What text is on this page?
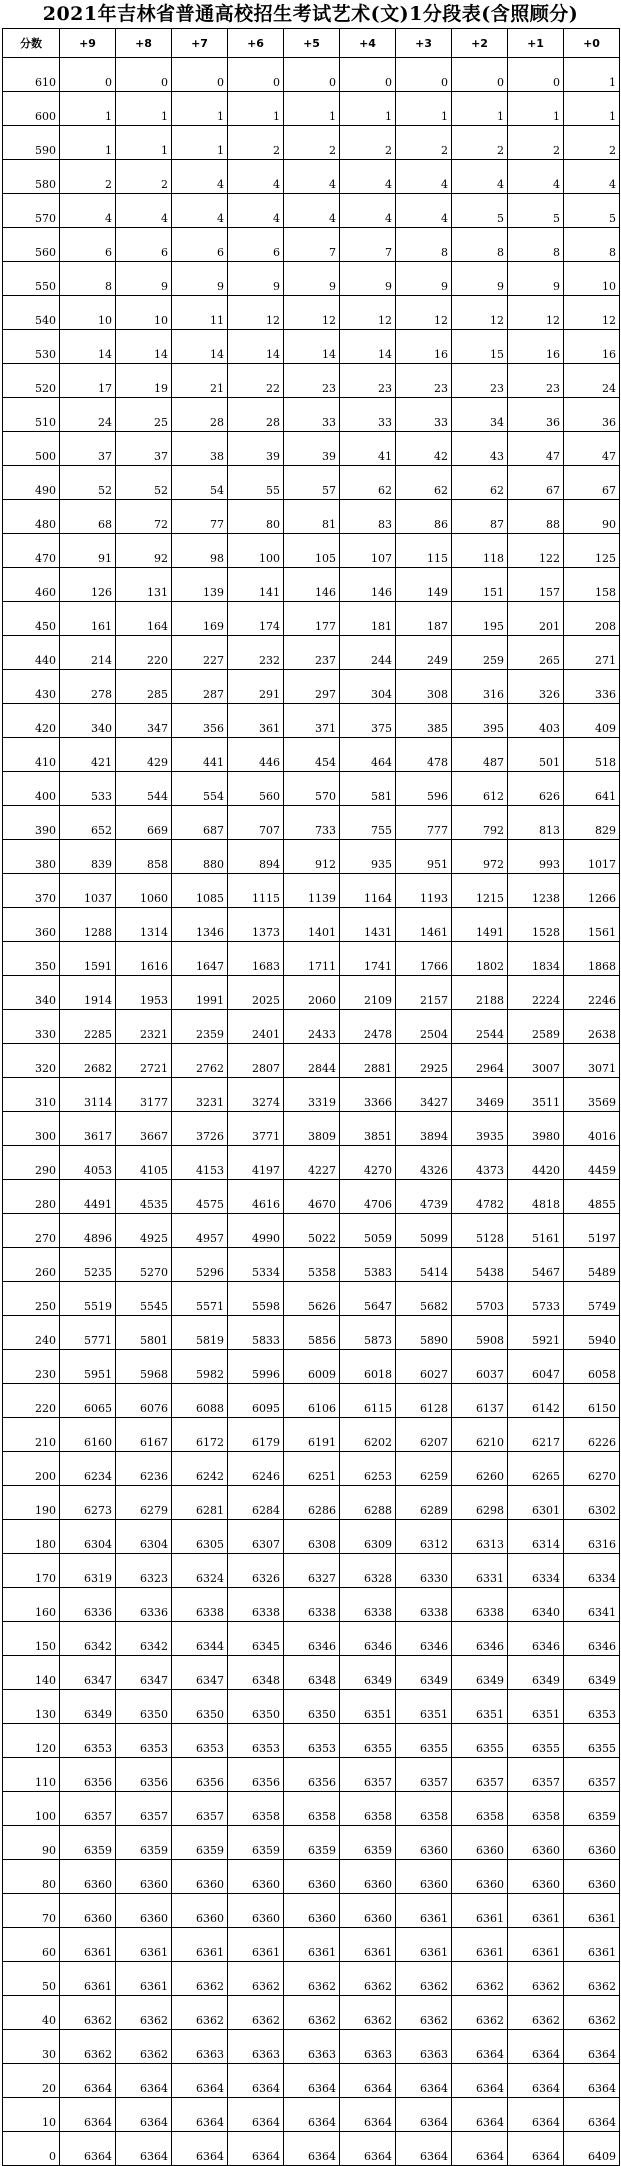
2021年吉林省普通高校招生考试艺术(文)1分段表(含照顾分)
分数	+9	+8	+7	+6	+5	+4	+3	+2	+1	+0
610	0	0	0	0	0	0	0	0	0	1
600	1	1	1	1	1	1	1	1	1	1
590	1	1	1	2	2	2	2	2	2	2
580	2	2	4	4	4	4	4	4	4	4
570	4	4	4	4	4	4	4	5	5	5
560	6	6	6	6	7	7	8	8	8	8
550	8	9	9	9	9	9	9	9	9	10
540	10	10	11	12	12	12	12	12	12	12
530	14	14	14	14	14	14	16	15	16	16
520	17	19	21	22	23	23	23	23	23	24
510	24	25	28	28	33	33	33	34	36	36
500	37	37	38	39	39	41	42	43	47	47
490	52	52	54	55	57	62	62	62	67	67
480	68	72	77	80	81	83	86	87	88	90
470	91	92	98	100	105	107	115	118	122	125
460	126	131	139	141	146	146	149	151	157	158
450	161	164	169	174	177	181	187	195	201	208
440	214	220	227	232	237	244	249	259	265	271
430	278	285	287	291	297	304	308	316	326	336
420	340	347	356	361	371	375	385	395	403	409
410	421	429	441	446	454	464	478	487	501	518
400	533	544	554	560	570	581	596	612	626	641
390	652	669	687	707	733	755	777	792	813	829
380	839	858	880	894	912	935	951	972	993	1017
370	1037	1060	1085	1115	1139	1164	1193	1215	1238	1266
360	1288	1314	1346	1373	1401	1431	1461	1491	1528	1561
350	1591	1616	1647	1683	1711	1741	1766	1802	1834	1868
340	1914	1953	1991	2025	2060	2109	2157	2188	2224	2246
330	2285	2321	2359	2401	2433	2478	2504	2544	2589	2638
320	2682	2721	2762	2807	2844	2881	2925	2964	3007	3071
310	3114	3177	3231	3274	3319	3366	3427	3469	3511	3569
300	3617	3667	3726	3771	3809	3851	3894	3935	3980	4016
290	4053	4105	4153	4197	4227	4270	4326	4373	4420	4459
280	4491	4535	4575	4616	4670	4706	4739	4782	4818	4855
270	4896	4925	4957	4990	5022	5059	5099	5128	5161	5197
260	5235	5270	5296	5334	5358	5383	5414	5438	5467	5489
250	5519	5545	5571	5598	5626	5647	5682	5703	5733	5749
240	5771	5801	5819	5833	5856	5873	5890	5908	5921	5940
230	5951	5968	5982	5996	6009	6018	6027	6037	6047	6058
220	6065	6076	6088	6095	6106	6115	6128	6137	6142	6150
210	6160	6167	6172	6179	6191	6202	6207	6210	6217	6226
200	6234	6236	6242	6246	6251	6253	6259	6260	6265	6270
190	6273	6279	6281	6284	6286	6288	6289	6298	6301	6302
180	6304	6304	6305	6307	6308	6309	6312	6313	6314	6316
170	6319	6323	6324	6326	6327	6328	6330	6331	6334	6334
160	6336	6336	6338	6338	6338	6338	6338	6338	6340	6341
150	6342	6342	6344	6345	6346	6346	6346	6346	6346	6346
140	6347	6347	6347	6348	6348	6349	6349	6349	6349	6349
130	6349	6350	6350	6350	6350	6351	6351	6351	6351	6353
120	6353	6353	6353	6353	6353	6355	6355	6355	6355	6355
110	6356	6356	6356	6356	6356	6357	6357	6357	6357	6357
100	6357	6357	6357	6358	6358	6358	6358	6358	6358	6359
90	6359	6359	6359	6359	6359	6359	6360	6360	6360	6360
80	6360	6360	6360	6360	6360	6360	6360	6360	6360	6360
70	6360	6360	6360	6360	6360	6360	6361	6361	6361	6361
60	6361	6361	6361	6361	6361	6361	6361	6361	6361	6361
50	6361	6361	6362	6362	6362	6362	6362	6362	6362	6362
40	6362	6362	6362	6362	6362	6362	6362	6362	6362	6362
30	6362	6362	6363	6363	6363	6363	6363	6364	6364	6364
20	6364	6364	6364	6364	6364	6364	6364	6364	6364	6364
10	6364	6364	6364	6364	6364	6364	6364	6364	6364	6364
0	6364	6364	6364	6364	6364	6364	6364	6364	6364	6409
